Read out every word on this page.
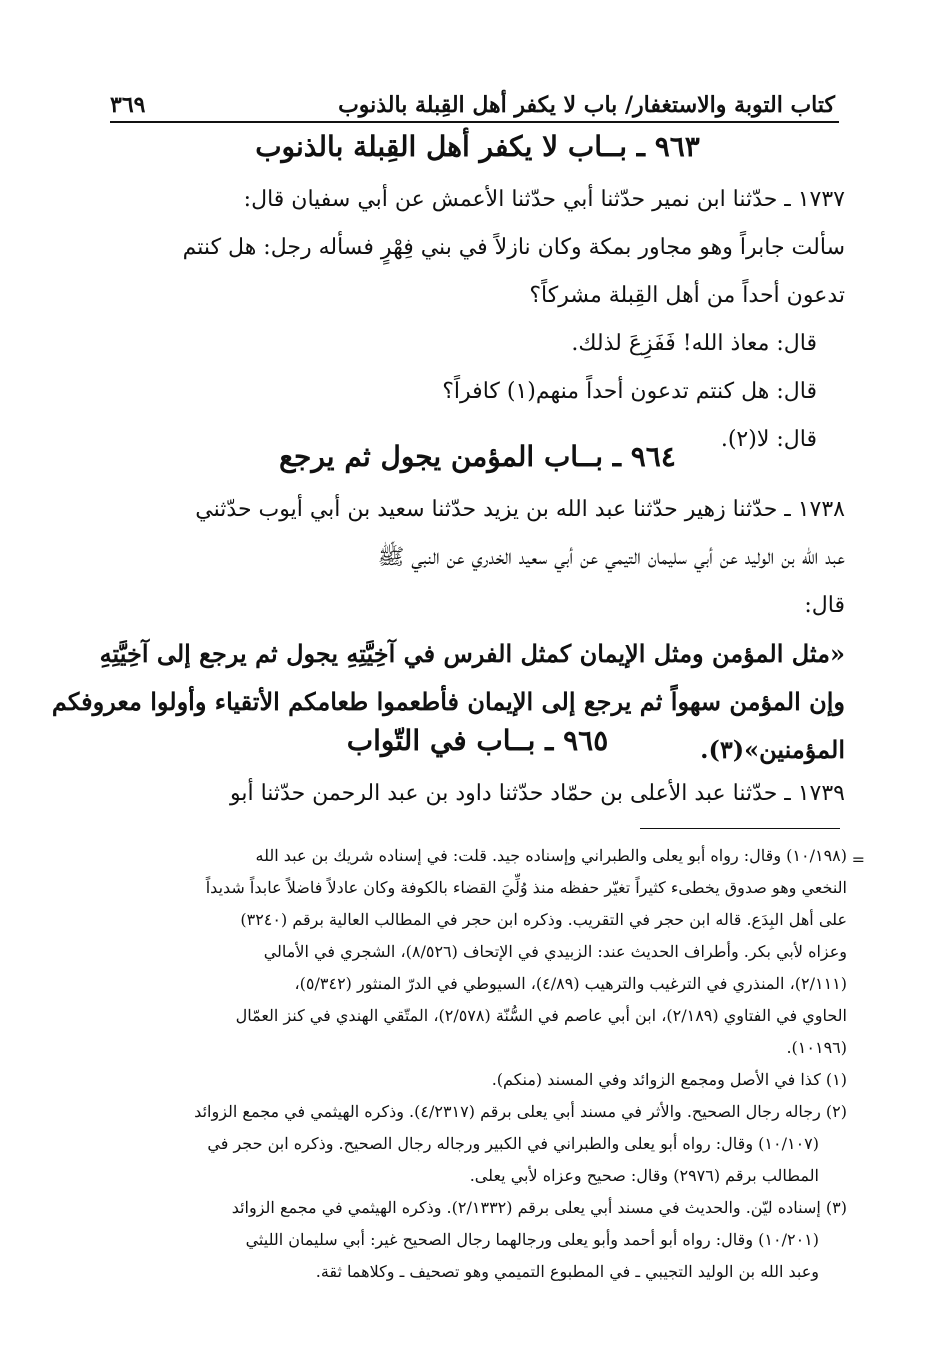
كتاب التوبة والاستغفار/ باب لا يكفر أهل القِبلة بالذنوب
٣٦٩
٩٦٣ ـ بــاب لا يكفر أهل القِبلة بالذنوب
١٧٣٧ ـ حدّثنا ابن نمير حدّثنا أبي حدّثنا الأعمش عن أبي سفيان قال:
سألت جابراً وهو مجاور بمكة وكان نازلاً في بني فِهْرٍ فسأله رجل: هل كنتم
تدعون أحداً من أهل القِبلة مشركاً؟
قال: معاذ الله! فَفَزِعَ لذلك.
قال: هل كنتم تدعون أحداً منهم(١) كافراً؟
قال: لا(٢).
٩٦٤ ـ بــاب المؤمن يجول ثم يرجع
١٧٣٨ ـ حدّثنا زهير حدّثنا عبد الله بن يزيد حدّثنا سعيد بن أبي أيوب حدّثني
عبد الله بن الوليد عن أبي سليمان التيمي عن أبي سعيد الخدري عن النبي ﷺ
قال:
«مثل المؤمن ومثل الإيمان كمثل الفرس في آخِيَّتِهِ يجول ثم يرجع إلى آخِيَّتِهِ
وإن المؤمن سهواً ثم يرجع إلى الإيمان فأطعموا طعامكم الأتقياء وأولوا معروفكم
المؤمنين»(٣).
٩٦٥ ـ بــاب في التّواب
١٧٣٩ ـ حدّثنا عبد الأعلى بن حمّاد حدّثنا داود بن عبد الرحمن حدّثنا أبو
=
(١٠/١٩٨) وقال: رواه أبو يعلى والطبراني وإسناده جيد. قلت: في إسناده شريك بن عبد الله
النخعي وهو صدوق يخطىء كثيراً تغيّر حفظه منذ وُلِّيَ القضاء بالكوفة وكان عادلاً فاضلاً عابداً شديداً
على أهل البِدَع. قاله ابن حجر في التقريب. وذكره ابن حجر في المطالب العالية برقم (٣٢٤٠)
وعزاه لأبي بكر. وأطراف الحديث عند: الزبيدي في الإتحاف (٨/٥٢٦)، الشجري في الأمالي
(٢/١١١)، المنذري في الترغيب والترهيب (٤/٨٩)، السيوطي في الدرّ المنثور (٥/٣٤٢)،
الحاوي في الفتاوي (٢/١٨٩)، ابن أبي عاصم في السُّنّة (٢/٥٧٨)، المتّقي الهندي في كنز العمّال
(١٠١٩٦).
(١) كذا في الأصل ومجمع الزوائد وفي المسند (منكم).
(٢) رجاله رجال الصحيح. والأثر في مسند أبي يعلى برقم (٤/٢٣١٧). وذكره الهيثمي في مجمع الزوائد
(١٠/١٠٧) وقال: رواه أبو يعلى والطبراني في الكبير ورجاله رجال الصحيح. وذكره ابن حجر في
المطالب برقم (٢٩٧٦) وقال: صحيح وعزاه لأبي يعلى.
(٣) إسناده ليّن. والحديث في مسند أبي يعلى برقم (٢/١٣٣٢). وذكره الهيثمي في مجمع الزوائد
(١٠/٢٠١) وقال: رواه أبو أحمد وأبو يعلى ورجالهما رجال الصحيح غير: أبي سليمان الليثي
وعبد الله بن الوليد التجيبي ـ في المطبوع التميمي وهو تصحيف ـ وكلاهما ثقة.
